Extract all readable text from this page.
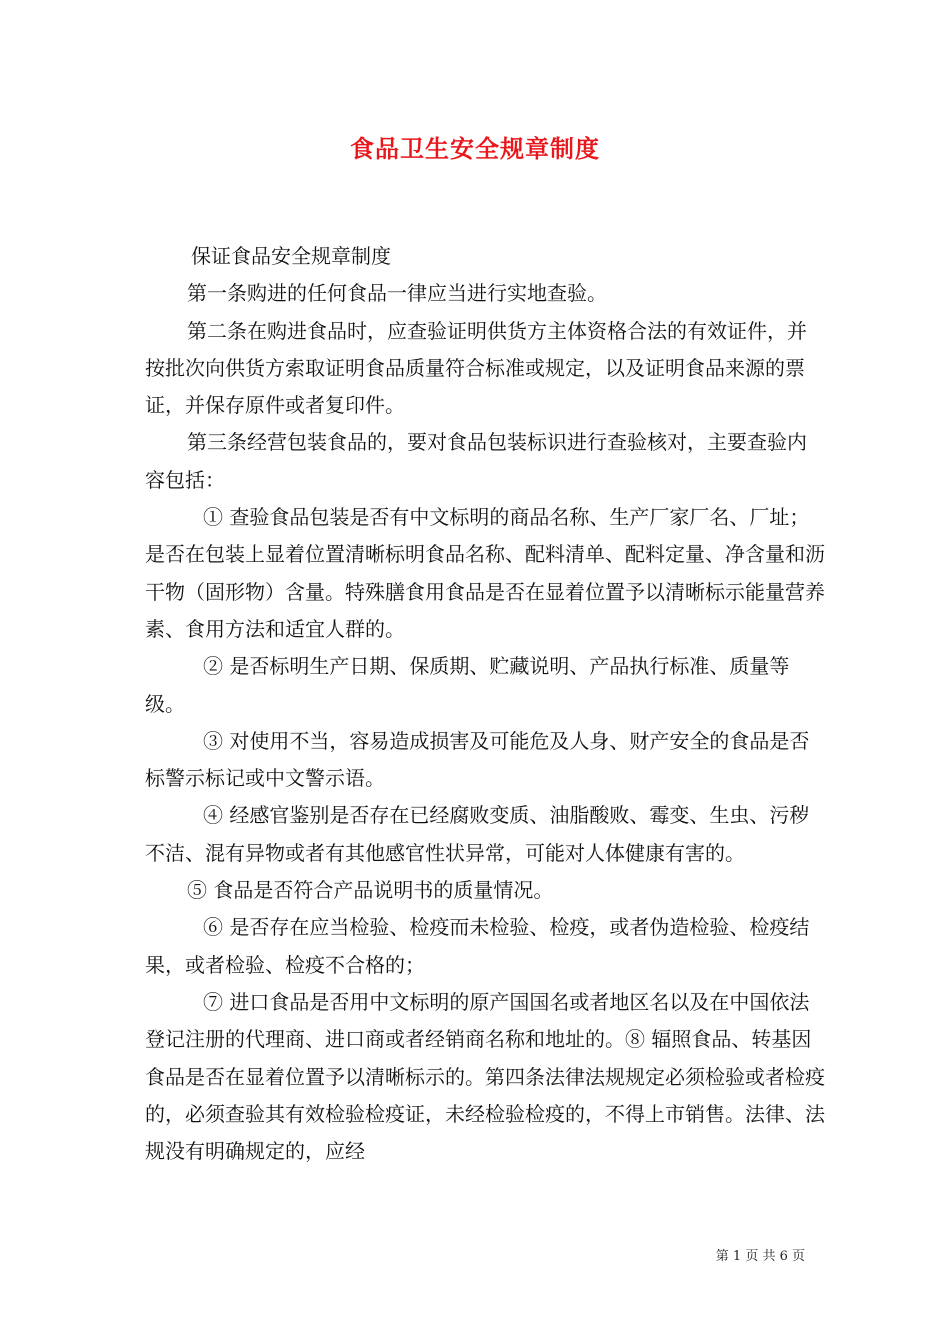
食品卫生安全规章制度

保证食品安全规章制度

第一条购进的任何食品一律应当进行实地查验。

第二条在购进食品时，应查验证明供货方主体资格合法的有效证件，并按批次向供货方索取证明食品质量符合标准或规定，以及证明食品来源的票证，并保存原件或者复印件。

第三条经营包装食品的，要对食品包装标识进行查验核对，主要查验内容包括：

① 查验食品包装是否有中文标明的商品名称、生产厂家厂名、厂址；是否在包装上显着位置清晰标明食品名称、配料清单、配料定量、净含量和沥干物（固形物）含量。特殊膳食用食品是否在显着位置予以清晰标示能量营养素、食用方法和适宜人群的。

② 是否标明生产日期、保质期、贮藏说明、产品执行标准、质量等级。

③ 对使用不当，容易造成损害及可能危及人身、财产安全的食品是否标警示标记或中文警示语。

④ 经感官鉴别是否存在已经腐败变质、油脂酸败、霉变、生虫、污秽不洁、混有异物或者有其他感官性状异常，可能对人体健康有害的。

⑤ 食品是否符合产品说明书的质量情况。

⑥ 是否存在应当检验、检疫而未检验、检疫，或者伪造检验、检疫结果，或者检验、检疫不合格的；

⑦ 进口食品是否用中文标明的原产国国名或者地区名以及在中国依法登记注册的代理商、进口商或者经销商名称和地址的。⑧ 辐照食品、转基因食品是否在显着位置予以清晰标示的。第四条法律法规规定必须检验或者检疫的，必须查验其有效检验检疫证，未经检验检疫的，不得上市销售。法律、法规没有明确规定的，应经

第 1 页 共 6 页
